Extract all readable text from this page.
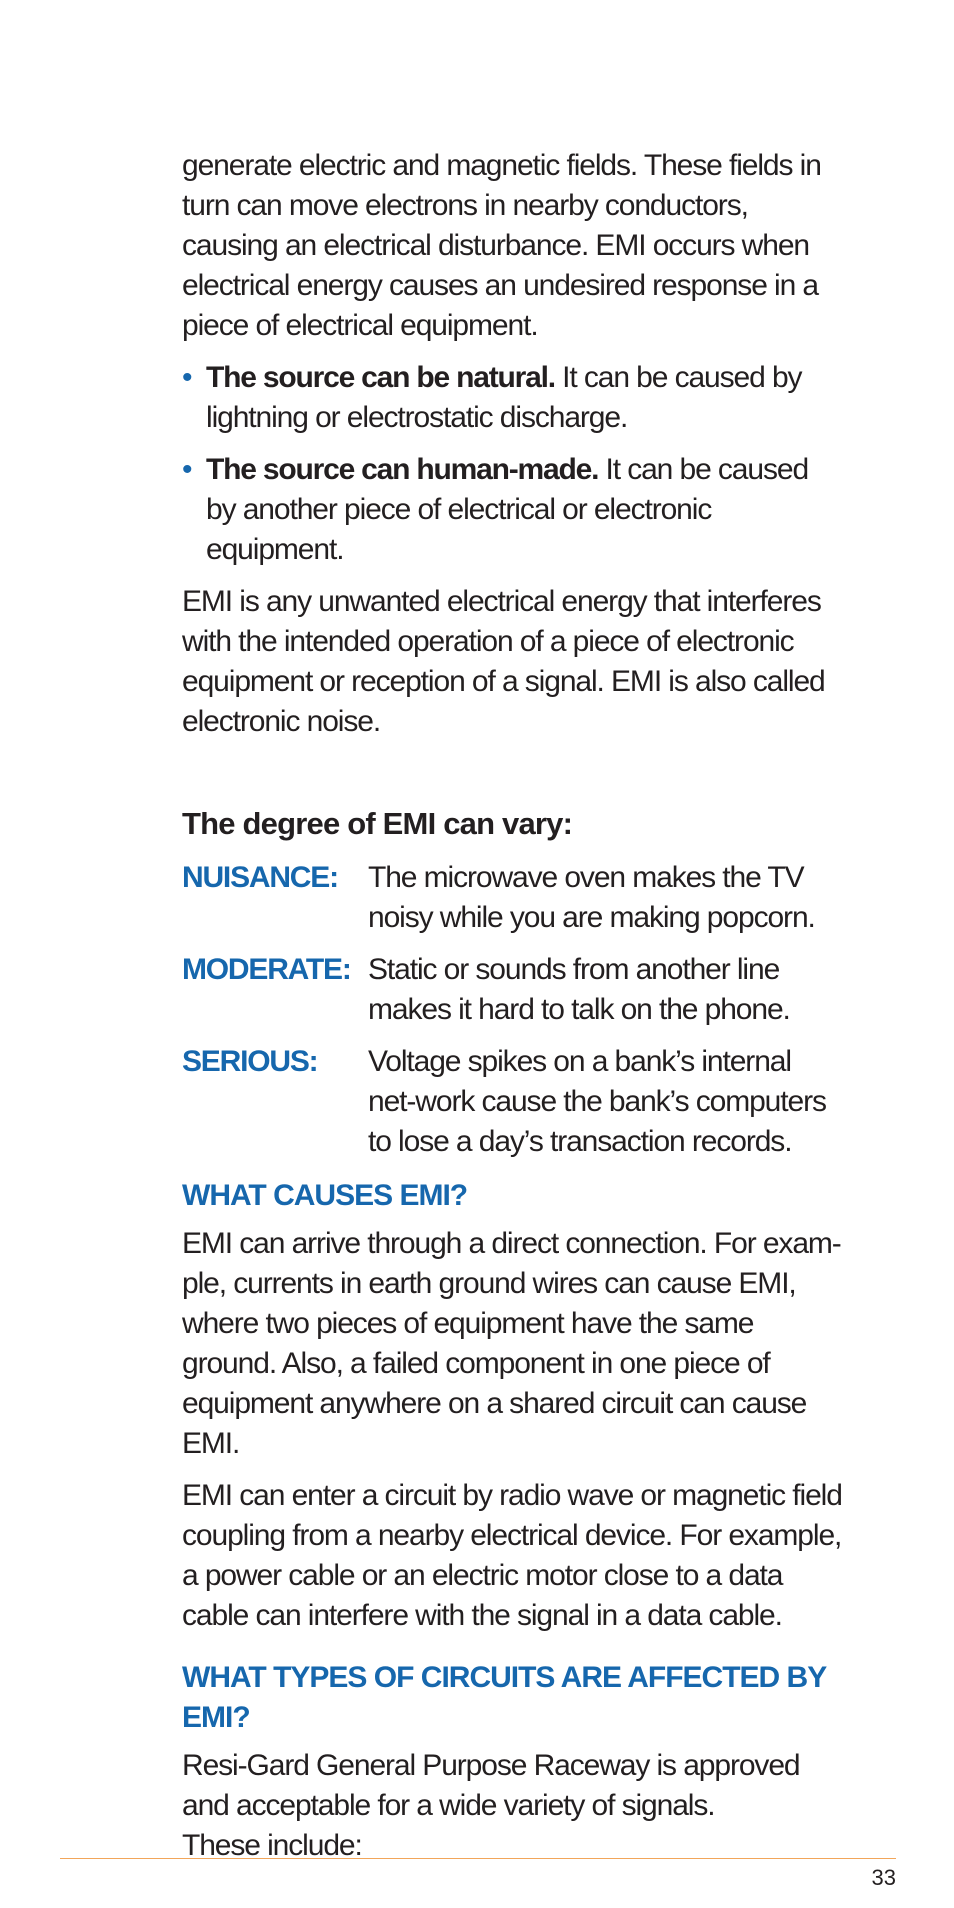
generate electric and magnetic fields. These fields in turn can move electrons in nearby conductors, causing an electrical disturbance. EMI occurs when electrical energy causes an undesired response in a piece of electrical equipment.

• The source can be natural. It can be caused by lightning or electrostatic discharge.

• The source can human-made. It can be caused by another piece of electrical or electronic equipment.

EMI is any unwanted electrical energy that interferes with the intended operation of a piece of electronic equipment or reception of a signal. EMI is also called electronic noise.

The degree of EMI can vary:
NUISANCE:	The microwave oven makes the TV noisy while you are making popcorn.

MODERATE: Static or sounds from another line makes it hard to talk on the phone.

SERIOUS:	Voltage spikes on a bank’s internal net-work cause the bank’s computers to lose a day’s transaction records.

WHAT CAUSES EMI?

EMI can arrive through a direct connection. For exam-ple, currents in earth ground wires can cause EMI, where two pieces of equipment have the same ground. Also, a failed component in one piece of equipment anywhere on a shared circuit can cause EMI.

EMI can enter a circuit by radio wave or magnetic field coupling from a nearby electrical device. For example, a power cable or an electric motor close to a data cable can interfere with the signal in a data cable.

WHAT TYPES OF CIRCUITS ARE AFFECTED BY EMI?

Resi-Gard General Purpose Raceway is approved and acceptable for a wide variety of signals.

These include:

33
